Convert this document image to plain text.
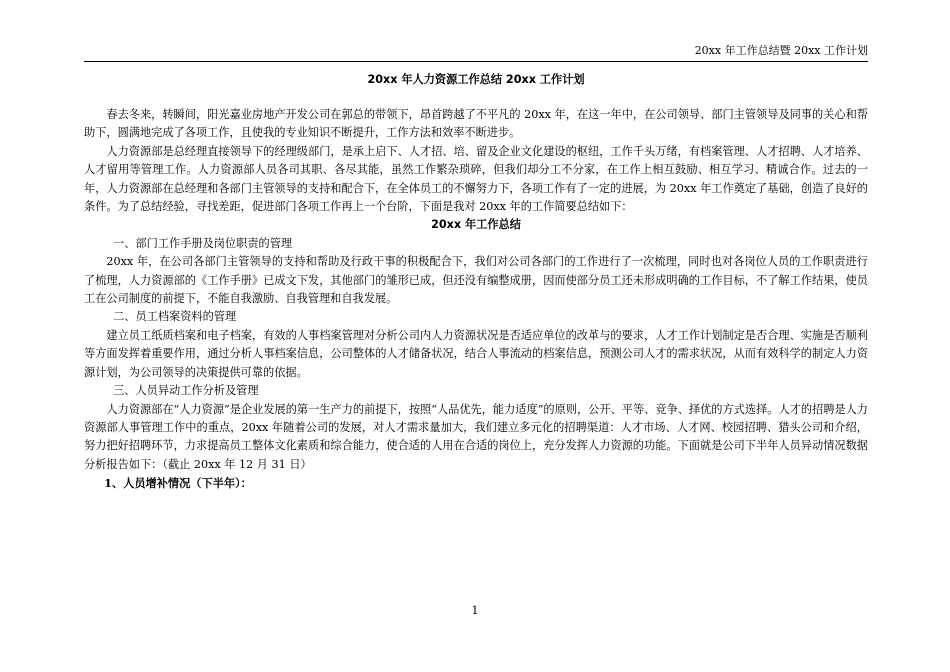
20xx 年工作总结暨 20xx 工作计划
20xx 年人力资源工作总结 20xx 工作计划

春去冬来，转瞬间，阳光嘉业房地产开发公司在郭总的带领下，昂首跨越了不平凡的 20xx 年，在这一年中，在公司领导、部门主管领导及同事的关心和帮助下，圆满地完成了各项工作，且使我的专业知识不断提升，工作方法和效率不断进步。

人力资源部是总经理直接领导下的经理级部门，是承上启下、人才招、培、留及企业文化建设的枢纽，工作千头万绪，有档案管理、人才招聘、人才培养、人才留用等管理工作。人力资源部人员各司其职、各尽其能，虽然工作繁杂琐碎，但我们却分工不分家，在工作上相互鼓励、相互学习、精诚合作。过去的一年，人力资源部在总经理和各部门主管领导的支持和配合下，在全体员工的不懈努力下，各项工作有了一定的进展，为 20xx 年工作奠定了基础，创造了良好的条件。为了总结经验，寻找差距，促进部门各项工作再上一个台阶，下面是我对 20xx 年的工作简要总结如下：

20xx 年工作总结

一、部门工作手册及岗位职责的管理

20xx 年，在公司各部门主管领导的支持和帮助及行政干事的积极配合下，我们对公司各部门的工作进行了一次梳理，同时也对各岗位人员的工作职责进行了梳理，人力资源部的《工作手册》已成文下发，其他部门的雏形已成，但还没有编整成册，因而使部分员工还未形成明确的工作目标，不了解工作结果，使员工在公司制度的前提下，不能自我激励、自我管理和自我发展。

二、员工档案资料的管理

建立员工纸质档案和电子档案，有效的人事档案管理对分析公司内人力资源状况是否适应单位的改革与的要求，人才工作计划制定是否合理、实施是否顺利等方面发挥着重要作用，通过分析人事档案信息，公司整体的人才储备状况，结合人事流动的档案信息，预测公司人才的需求状况，从而有效科学的制定人力资源计划，为公司领导的决策提供可靠的依据。

三、人员异动工作分析及管理

人力资源部在“人力资源”是企业发展的第一生产力的前提下，按照“人品优先，能力适度”的原则，公开、平等、竞争、择优的方式选择。人才的招聘是人力资源部人事管理工作中的重点，20xx 年随着公司的发展，对人才需求量加大，我们建立多元化的招聘渠道：人才市场、人才网、校园招聘、猎头公司和介绍，努力把好招聘环节，力求提高员工整体文化素质和综合能力，使合适的人用在合适的岗位上，充分发挥人力资源的功能。下面就是公司下半年人员异动情况数据分析报告如下：（截止 20xx 年 12 月 31 日）

1、人员增补情况（下半年）：

1
